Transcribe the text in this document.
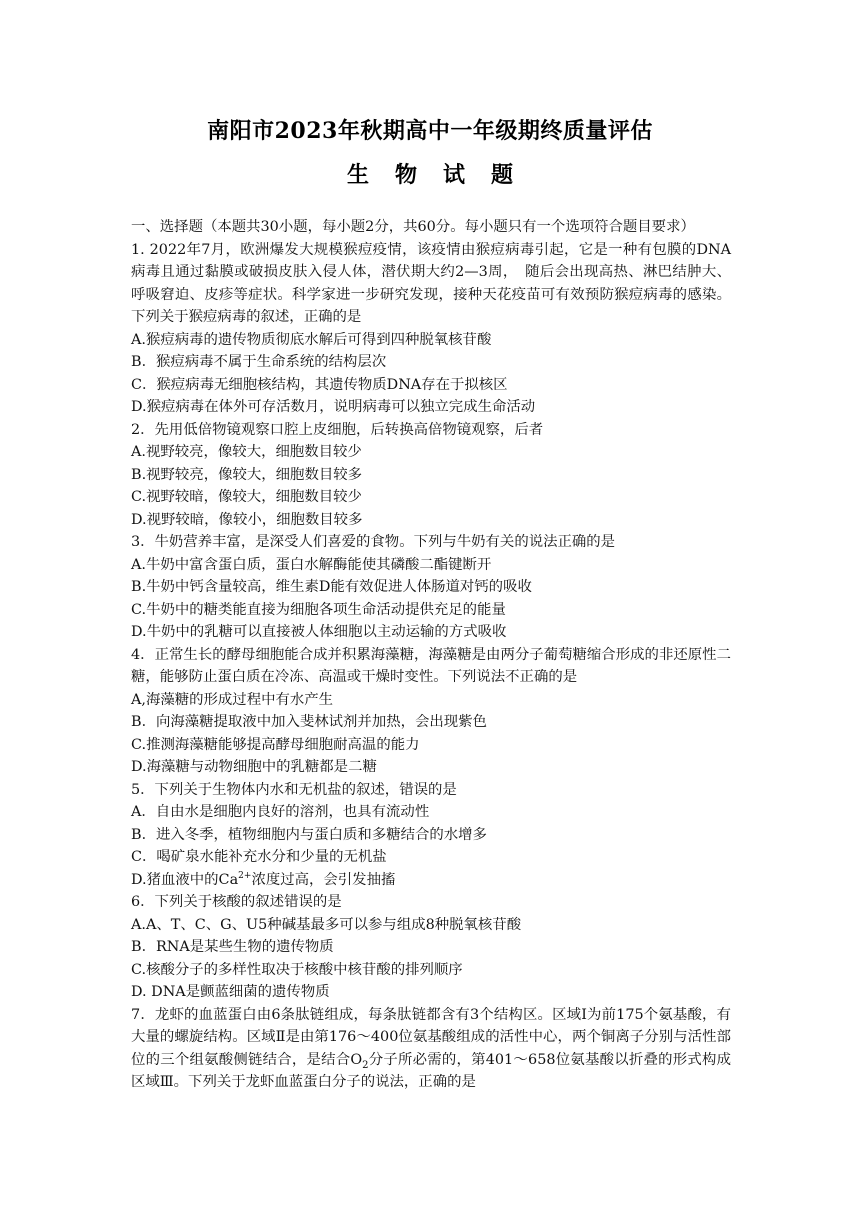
南阳市2023年秋期高中一年级期终质量评估
生物试题

一、选择题（本题共30小题，每小题2分，共60分。每小题只有一个选项符合题目要求）

1. 2022年7月，欧洲爆发大规模猴痘疫情，该疫情由猴痘病毒引起，它是一种有包膜的DNA病毒且通过黏膜或破损皮肤入侵人体，潜伏期大约2—3周，　随后会出现高热、淋巴结肿大、呼吸窘迫、皮疹等症状。科学家进一步研究发现，接种天花疫苗可有效预防猴痘病毒的感染。下列关于猴痘病毒的叙述，正确的是

A.猴痘病毒的遗传物质彻底水解后可得到四种脱氧核苷酸

B．猴痘病毒不属于生命系统的结构层次

C．猴痘病毒无细胞核结构，其遗传物质DNA存在于拟核区

D.猴痘病毒在体外可存活数月，说明病毒可以独立完成生命活动

2．先用低倍物镜观察口腔上皮细胞，后转换高倍物镜观察，后者

A.视野较亮，像较大，细胞数目较少

B.视野较亮，像较大，细胞数目较多

C.视野较暗，像较大，细胞数目较少

D.视野较暗，像较小，细胞数目较多

3．牛奶营养丰富，是深受人们喜爱的食物。下列与牛奶有关的说法正确的是

A.牛奶中富含蛋白质，蛋白水解酶能使其磷酸二酯键断开

B.牛奶中钙含量较高，维生素D能有效促进人体肠道对钙的吸收

C.牛奶中的糖类能直接为细胞各项生命活动提供充足的能量

D.牛奶中的乳糖可以直接被人体细胞以主动运输的方式吸收

4．正常生长的酵母细胞能合成并积累海藻糖，海藻糖是由两分子葡萄糖缩合形成的非还原性二糖，能够防止蛋白质在冷冻、高温或干燥时变性。下列说法不正确的是

A,海藻糖的形成过程中有水产生

B．向海藻糖提取液中加入斐林试剂并加热，会出现紫色

C.推测海藻糖能够提高酵母细胞耐高温的能力

D.海藻糖与动物细胞中的乳糖都是二糖

5．下列关于生物体内水和无机盐的叙述，错误的是

A．自由水是细胞内良好的溶剂，也具有流动性

B．进入冬季，植物细胞内与蛋白质和多糖结合的水增多

C．喝矿泉水能补充水分和少量的无机盐

D.猪血液中的$Ca^{2+}$浓度过高，会引发抽搐

6．下列关于核酸的叙述错误的是

A.A、T、C、G、U5种碱基最多可以参与组成8种脱氧核苷酸

B．RNA是某些生物的遗传物质

C.核酸分子的多样性取决于核酸中核苷酸的排列顺序

D. DNA是颤蓝细菌的遗传物质

7．龙虾的血蓝蛋白由6条肽链组成，每条肽链都含有3个结构区。区域Ⅰ为前175个氨基酸，有大量的螺旋结构。区域Ⅱ是由第176～400位氨基酸组成的活性中心，两个铜离子分别与活性部位的三个组氨酸侧链结合，是结合$O_2$分子所必需的，第401～658位氨基酸以折叠的形式构成区域Ⅲ。下列关于龙虾血蓝蛋白分子的说法，正确的是
